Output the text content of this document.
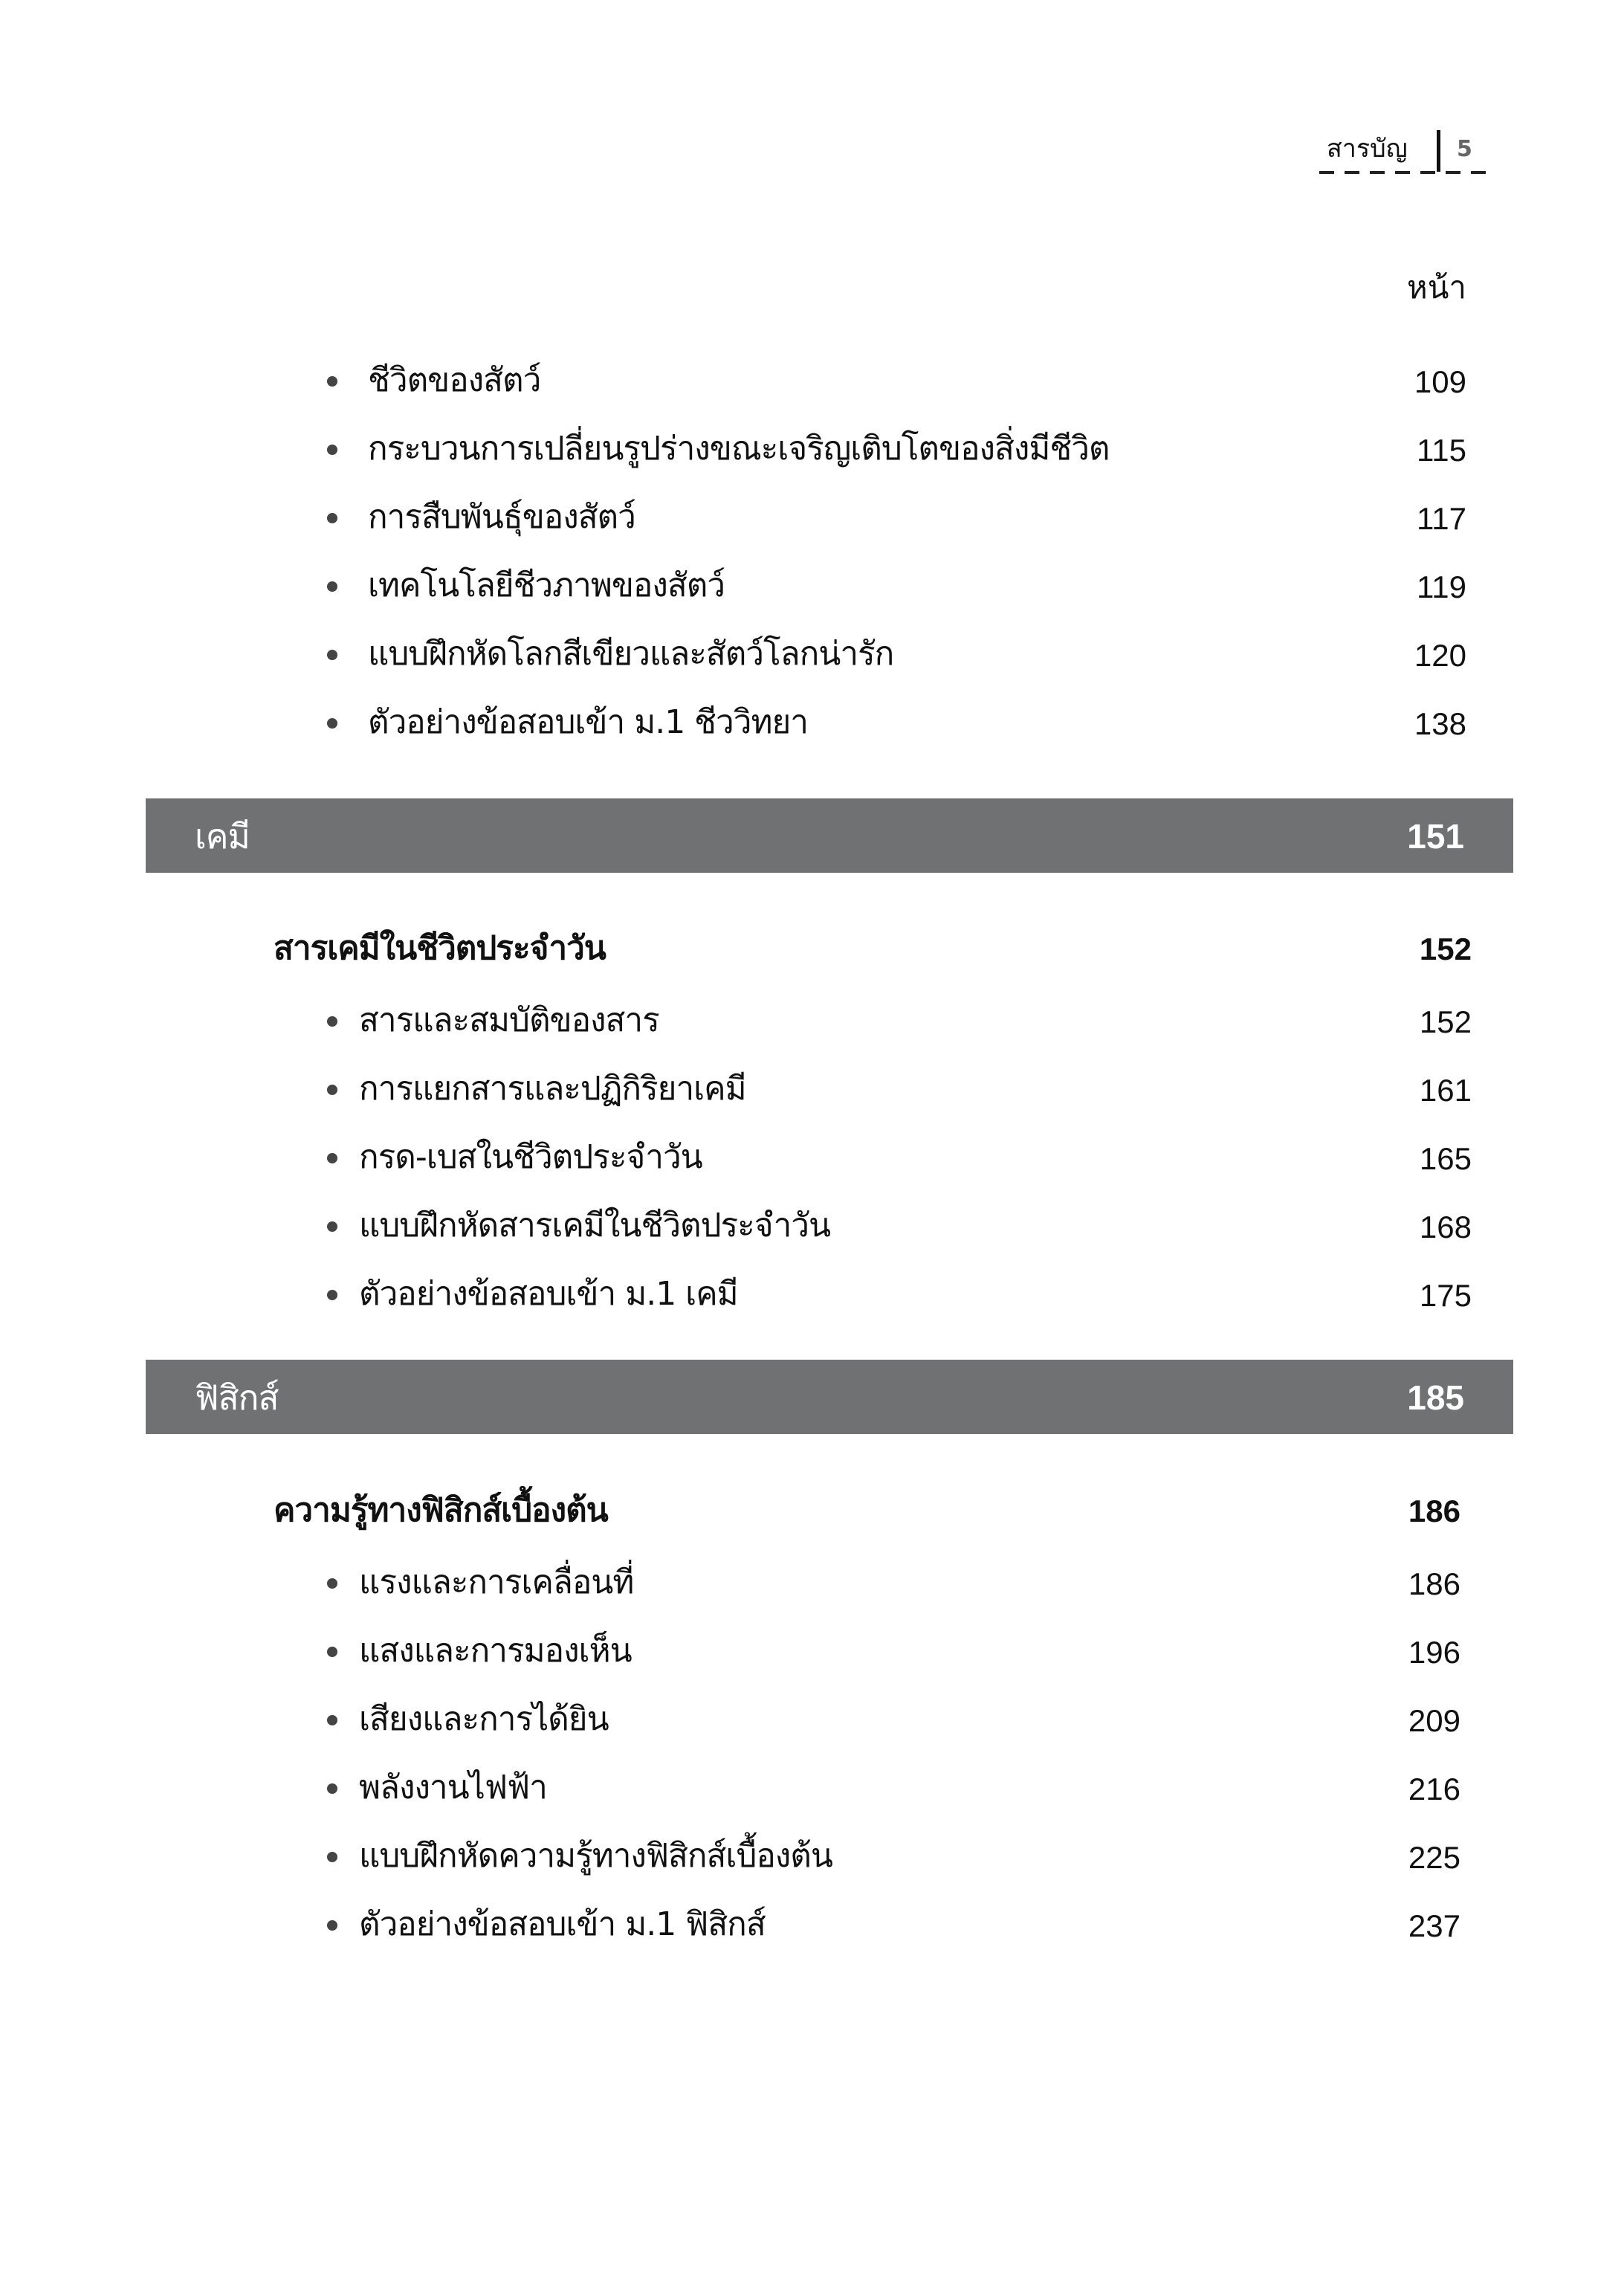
สารบัญ 5
หน้า
ชีวิตของสัตว์	109
กระบวนการเปลี่ยนรูปร่างขณะเจริญเติบโตของสิ่งมีชีวิต	115
การสืบพันธุ์ของสัตว์	117
เทคโนโลยีชีวภาพของสัตว์	119
แบบฝึกหัดโลกสีเขียวและสัตว์โลกน่ารัก	120
ตัวอย่างข้อสอบเข้า ม.1 ชีววิทยา	138
เคมี	151
สารเคมีในชีวิตประจำวัน	152
สารและสมบัติของสาร	152
การแยกสารและปฏิกิริยาเคมี	161
กรด-เบสในชีวิตประจำวัน	165
แบบฝึกหัดสารเคมีในชีวิตประจำวัน	168
ตัวอย่างข้อสอบเข้า ม.1 เคมี	175
ฟิสิกส์	185
ความรู้ทางฟิสิกส์เบื้องต้น	186
แรงและการเคลื่อนที่	186
แสงและการมองเห็น	196
เสียงและการได้ยิน	209
พลังงานไฟฟ้า	216
แบบฝึกหัดความรู้ทางฟิสิกส์เบื้องต้น	225
ตัวอย่างข้อสอบเข้า ม.1 ฟิสิกส์	237
